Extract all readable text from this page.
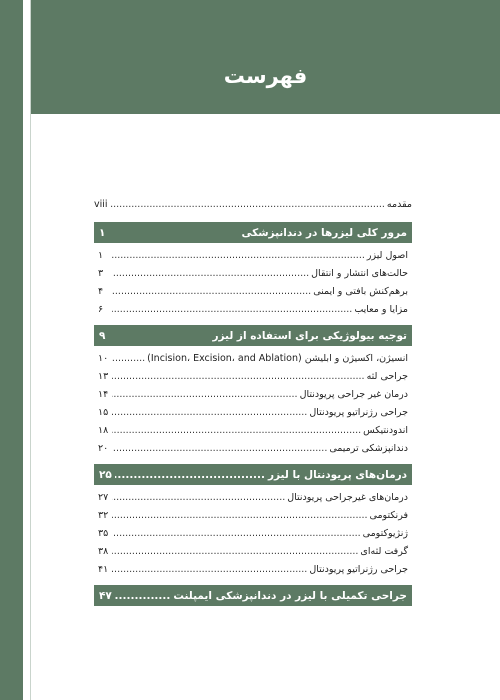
فهرست
مقدمه
.....
viii
مرور کلی لیزرها در دندانپزشکی
۱
اصول لیزر
.....
۱
حالت‌های انتشار و انتقال
.....
۳
برهم‌کنش بافتی و ایمنی
.....
۴
مزایا و معایب
.....
۶
توجیه بیولوژیکی برای استفاده از لیزر
۹
انسیژن، اکسیژن و ابلیشن (Incision، Excision، and Ablation)
.....
۱۰
جراحی لثه
.....
۱۳
درمان غیر جراحی پریودنتال
.....
۱۴
جراحی رژنراتیو پریودنتال
.....
۱۵
اندودنتیکس
.....
۱۸
دندانپزشکی ترمیمی
.....
۲۰
درمان‌های پریودنتال با لیزر
.....
۲۵
درمان‌های غیرجراحی پریودنتال
.....
۲۷
فرنکتومی
.....
۳۲
ژنژیوکتومی
.....
۳۵
گرفت لثه‌ای
.....
۳۸
جراحی رژنراتیو پریودنتال
.....
۴۱
جراحی تکمیلی با لیزر در دندانپزشکی ایمپلنت
.....
۴۷
